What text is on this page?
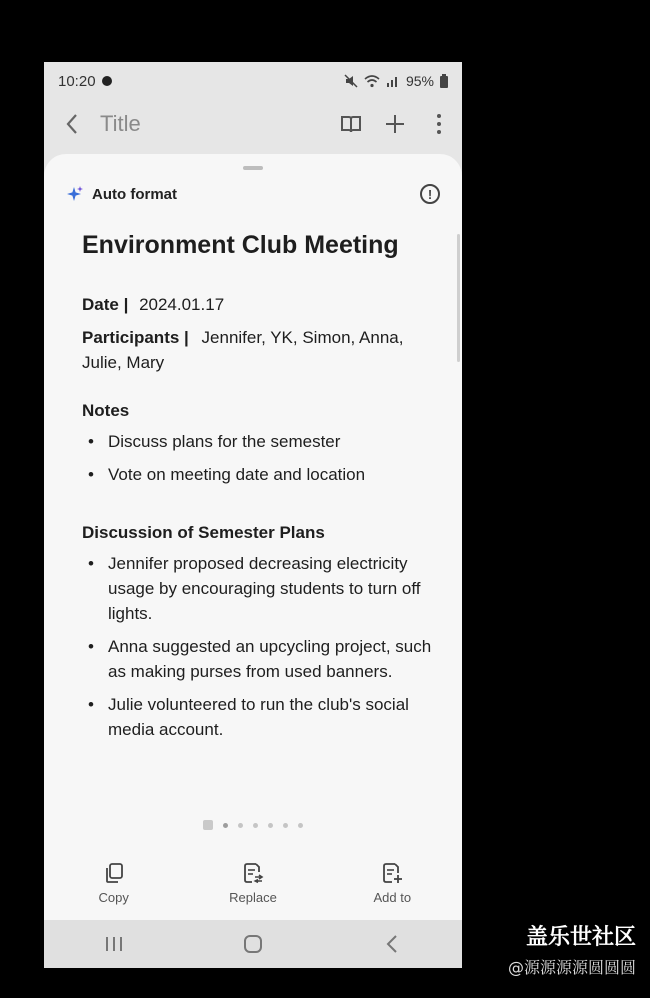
10:20	95%
Title
Auto format	!
Environment Club Meeting
Date | 2024.01.17
Participants | Jennifer, YK, Simon, Anna, Julie, Mary
Notes
• Discuss plans for the semester
• Vote on meeting date and location
Discussion of Semester Plans
• Jennifer proposed decreasing electricity usage by encouraging students to turn off lights.
• Anna suggested an upcycling project, such as making purses from used banners.
• Julie volunteered to run the club's social media account.
Copy	Replace	Add to
盖乐世社区
@源源源源圆圆圆
